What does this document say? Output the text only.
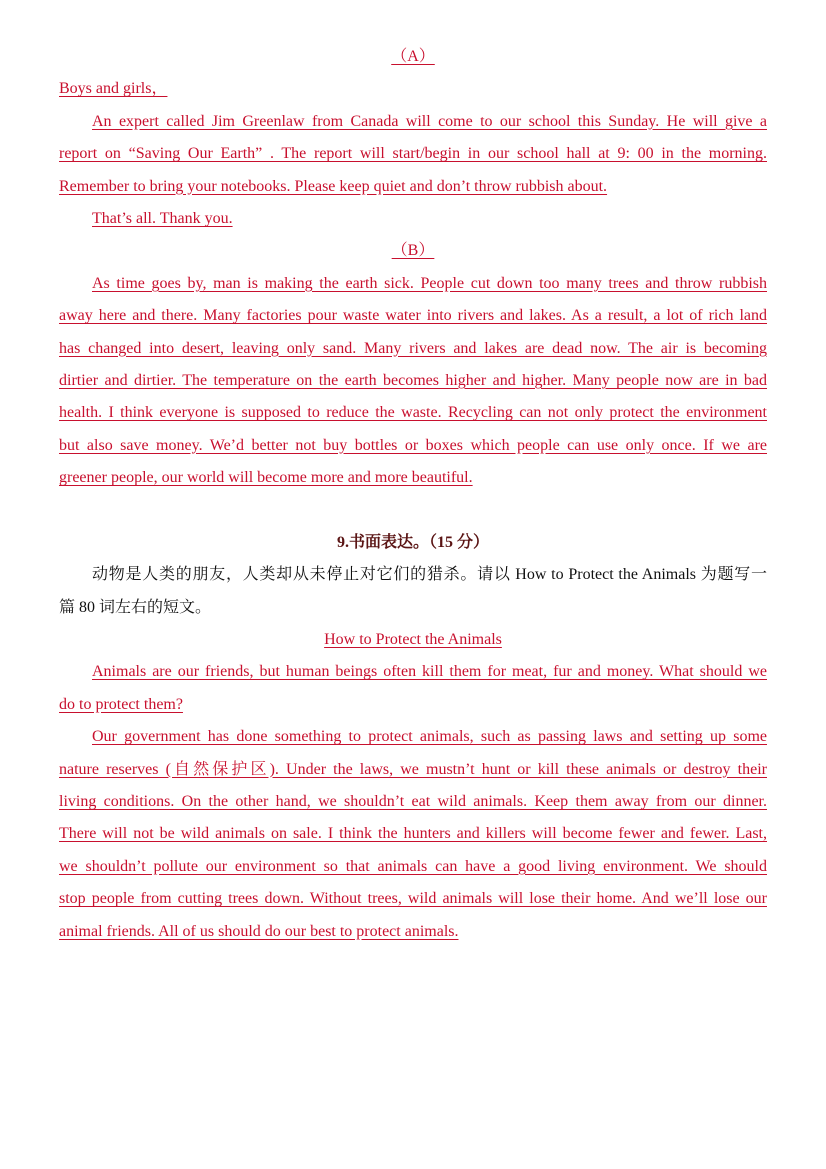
（A）
Boys and girls，
An expert called Jim Greenlaw from Canada will come to our school this Sunday. He will give a
report on “Saving Our Earth” . The report will start/begin in our school hall at 9: 00 in the morning.
Remember to bring your notebooks. Please keep quiet and don’t throw rubbish about.
That’s all. Thank you.
（B）
As time goes by, man is making the earth sick. People cut down too many trees and throw rubbish
away here and there. Many factories pour waste water into rivers and lakes. As a result, a lot of rich land
has changed into desert, leaving only sand. Many rivers and lakes are dead now. The air is becoming
dirtier and dirtier. The temperature on the earth becomes higher and higher. Many people now are in bad
health. I think everyone is supposed to reduce the waste. Recycling can not only protect the environment
but also save money. We’d better not buy bottles or boxes which people can use only once. If we are
greener people, our world will become more and more beautiful.
9.书面表达。（15 分）
动物是人类的朋友，人类却从未停止对它们的猎杀。请以 How to Protect the Animals 为题写一
篇 80 词左右的短文。
How to Protect the Animals
Animals are our friends, but human beings often kill them for meat, fur and money. What should we
do to protect them?
Our government has done something to protect animals, such as passing laws and setting up some
nature reserves (自然保护区). Under the laws, we mustn’t hunt or kill these animals or destroy their
living conditions. On the other hand, we shouldn’t eat wild animals. Keep them away from our dinner.
There will not be wild animals on sale. I think the hunters and killers will become fewer and fewer. Last,
we shouldn’t pollute our environment so that animals can have a good living environment. We should
stop people from cutting trees down. Without trees, wild animals will lose their home. And we’ll lose our
animal friends. All of us should do our best to protect animals.
